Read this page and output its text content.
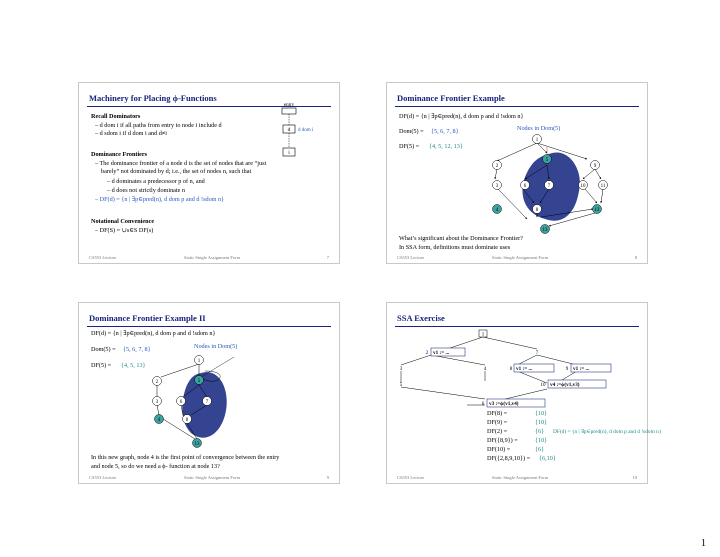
Machinery for Placing ϕ-Functions
Recall Dominators
– d dom i if all paths from entry to node i include d
– d sdom i if d dom i and d≠i
Dominance Frontiers
– The dominance frontier of a node d is the set of nodes that are “just
barely” not dominated by d; i.e., the set of nodes n, such that
– d dominates a predecessor p of n, and
– d does not strictly dominate n
– DF(d) = {n | ∃p∈pred(n), d dom p and d !sdom n}
Notational Convenience
– DF(S) = ∪s∈S DF(s)
entry
d d dom i
i
CS553 Lecture	Static Single Assignment Form	7
Dominance Frontier Example
DF(d) = {n | ∃p∈pred(n), d dom p and d !sdom n}
Dom(5) = {5, 6, 7, 8}
DF(5) = {4, 5, 12, 13}
Nodes in Dom(5)
1
2
5
9
3	6	7	10	11
4	8	12
13
What’s significant about the Dominance Frontier?
In SSA form, definitions must dominate uses
CS553 Lecture	Static Single Assignment Form	8
Dominance Frontier Example II
DF(d) = {n | ∃p∈pred(n), d dom p and d !sdom n}
Dom(5) = {5, 6, 7, 8}
DF(5) = {4, 5, 13}
Nodes in Dom(5)
1
2	5
3	6	7
4	8
13
In this new graph, node 4 is the first point of convergence between the entry
and node 5, so do we need a ϕ- function at node 13?
CS553 Lecture	Static Single Assignment Form	9
SSA Exercise
1
2	7
3	4	8	9
5	10
6
v1 := ...
v1 := ...	v1 := ...
v4 :=ϕ(v1,v3)
v3 :=ϕ(v1,v4)
DF(8) =	{10}
DF(9) =	{10}
DF(2) =	{6} DF(d) = {n | ∃p∈pred(n), d dom p and d !sdom n}
DF({8,9}) =	{10}
DF(10) =	{6}
DF({2,8,9,10}) = {6,10}
CS553 Lecture	Static Single Assignment Form	10
1
